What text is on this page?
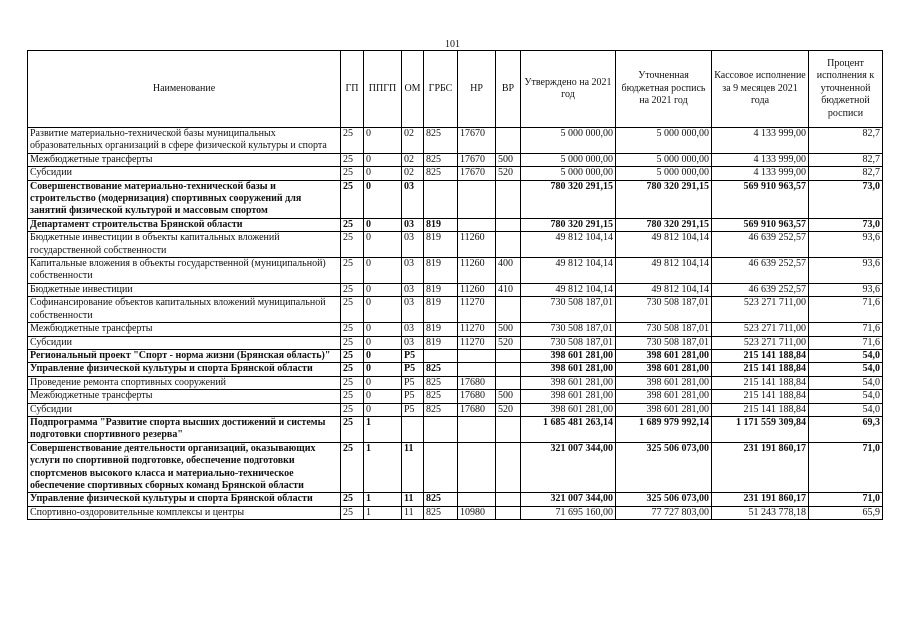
101
Наименование	ГП	ППГП	ОМ	ГРБС	НР	ВР	Утверждено на 2021 год	Уточненная бюджетная роспись на 2021 год	Кассовое исполнение за 9 месяцев 2021 года	Процент исполнения к уточненной бюджетной росписи
Развитие материально-технической базы муниципальных образовательных организаций в сфере физической культуры и спорта	25	0	02	825	17670		5 000 000,00	5 000 000,00	4 133 999,00	82,7
Межбюджетные трансферты	25	0	02	825	17670	500	5 000 000,00	5 000 000,00	4 133 999,00	82,7
Субсидии	25	0	02	825	17670	520	5 000 000,00	5 000 000,00	4 133 999,00	82,7
Совершенствование материально-технической базы и строительство (модернизация) спортивных сооружений для занятий физической культурой и массовым спортом	25	0	03				780 320 291,15	780 320 291,15	569 910 963,57	73,0
Департамент строительства Брянской области	25	0	03	819			780 320 291,15	780 320 291,15	569 910 963,57	73,0
Бюджетные инвестиции в объекты капитальных вложений государственной собственности	25	0	03	819	11260		49 812 104,14	49 812 104,14	46 639 252,57	93,6
Капитальные вложения в объекты государственной (муниципальной) собственности	25	0	03	819	11260	400	49 812 104,14	49 812 104,14	46 639 252,57	93,6
Бюджетные инвестиции	25	0	03	819	11260	410	49 812 104,14	49 812 104,14	46 639 252,57	93,6
Софинансирование объектов капитальных вложений муниципальной собственности	25	0	03	819	11270		730 508 187,01	730 508 187,01	523 271 711,00	71,6
Межбюджетные трансферты	25	0	03	819	11270	500	730 508 187,01	730 508 187,01	523 271 711,00	71,6
Субсидии	25	0	03	819	11270	520	730 508 187,01	730 508 187,01	523 271 711,00	71,6
Региональный проект "Спорт - норма жизни (Брянская область)"	25	0	P5				398 601 281,00	398 601 281,00	215 141 188,84	54,0
Управление физической культуры и спорта Брянской области	25	0	P5	825			398 601 281,00	398 601 281,00	215 141 188,84	54,0
Проведение ремонта спортивных сооружений	25	0	P5	825	17680		398 601 281,00	398 601 281,00	215 141 188,84	54,0
Межбюджетные трансферты	25	0	P5	825	17680	500	398 601 281,00	398 601 281,00	215 141 188,84	54,0
Субсидии	25	0	P5	825	17680	520	398 601 281,00	398 601 281,00	215 141 188,84	54,0
Подпрограмма "Развитие спорта высших достижений и системы подготовки спортивного резерва"	25	1					1 685 481 263,14	1 689 979 992,14	1 171 559 309,84	69,3
Совершенствование деятельности организаций, оказывающих услуги по спортивной подготовке, обеспечение подготовки спортсменов высокого класса и материально-техническое обеспечение спортивных сборных команд Брянской области	25	1	11				321 007 344,00	325 506 073,00	231 191 860,17	71,0
Управление физической культуры и спорта Брянской области	25	1	11	825			321 007 344,00	325 506 073,00	231 191 860,17	71,0
Спортивно-оздоровительные комплексы и центры	25	1	11	825	10980		71 695 160,00	77 727 803,00	51 243 778,18	65,9
